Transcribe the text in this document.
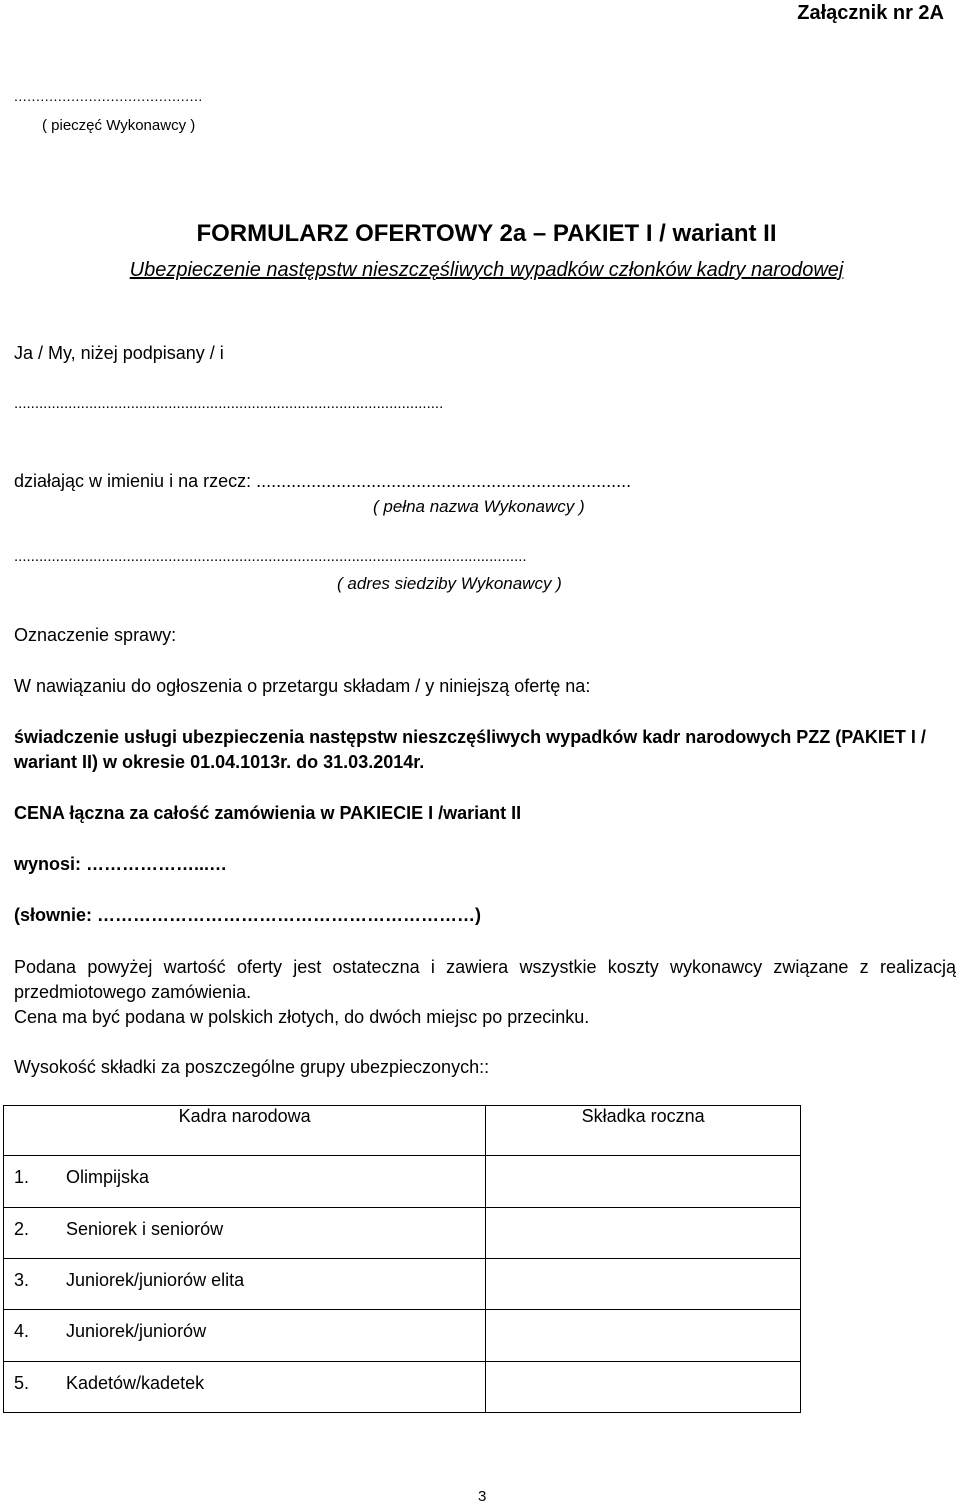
Załącznik nr 2A
...........................................
( pieczęć Wykonawcy )
FORMULARZ OFERTOWY 2a – PAKIET I / wariant II
Ubezpieczenie następstw nieszczęśliwych wypadków członków kadry narodowej
Ja / My, niżej podpisany / i
.......................................................................................................
działając w imieniu i na rzecz: ...........................................................................
( pełna nazwa Wykonawcy )
...........................................................................................................................
( adres siedziby Wykonawcy )
Oznaczenie sprawy:
W nawiązaniu do ogłoszenia o przetargu składam / y niniejszą ofertę na:
świadczenie usługi ubezpieczenia następstw nieszczęśliwych wypadków kadr narodowych PZZ (PAKIET I / wariant II) w okresie 01.04.1013r. do 31.03.2014r.
CENA łączna za całość zamówienia w PAKIECIE I /wariant II
wynosi: ………………...…
(słownie: ………………………………………………………)
Podana powyżej wartość oferty jest ostateczna i zawiera wszystkie koszty wykonawcy związane z realizacją przedmiotowego zamówienia.
Cena ma być podana w polskich złotych, do dwóch miejsc po przecinku.
Wysokość składki za poszczególne grupy ubezpieczonych::
Kadra narodowa	Składka roczna

1. Olimpijska	

2. Seniorek i seniorów	

3. Juniorek/juniorów elita	

4. Juniorek/juniorów	

5. Kadetów/kadetek	

3
